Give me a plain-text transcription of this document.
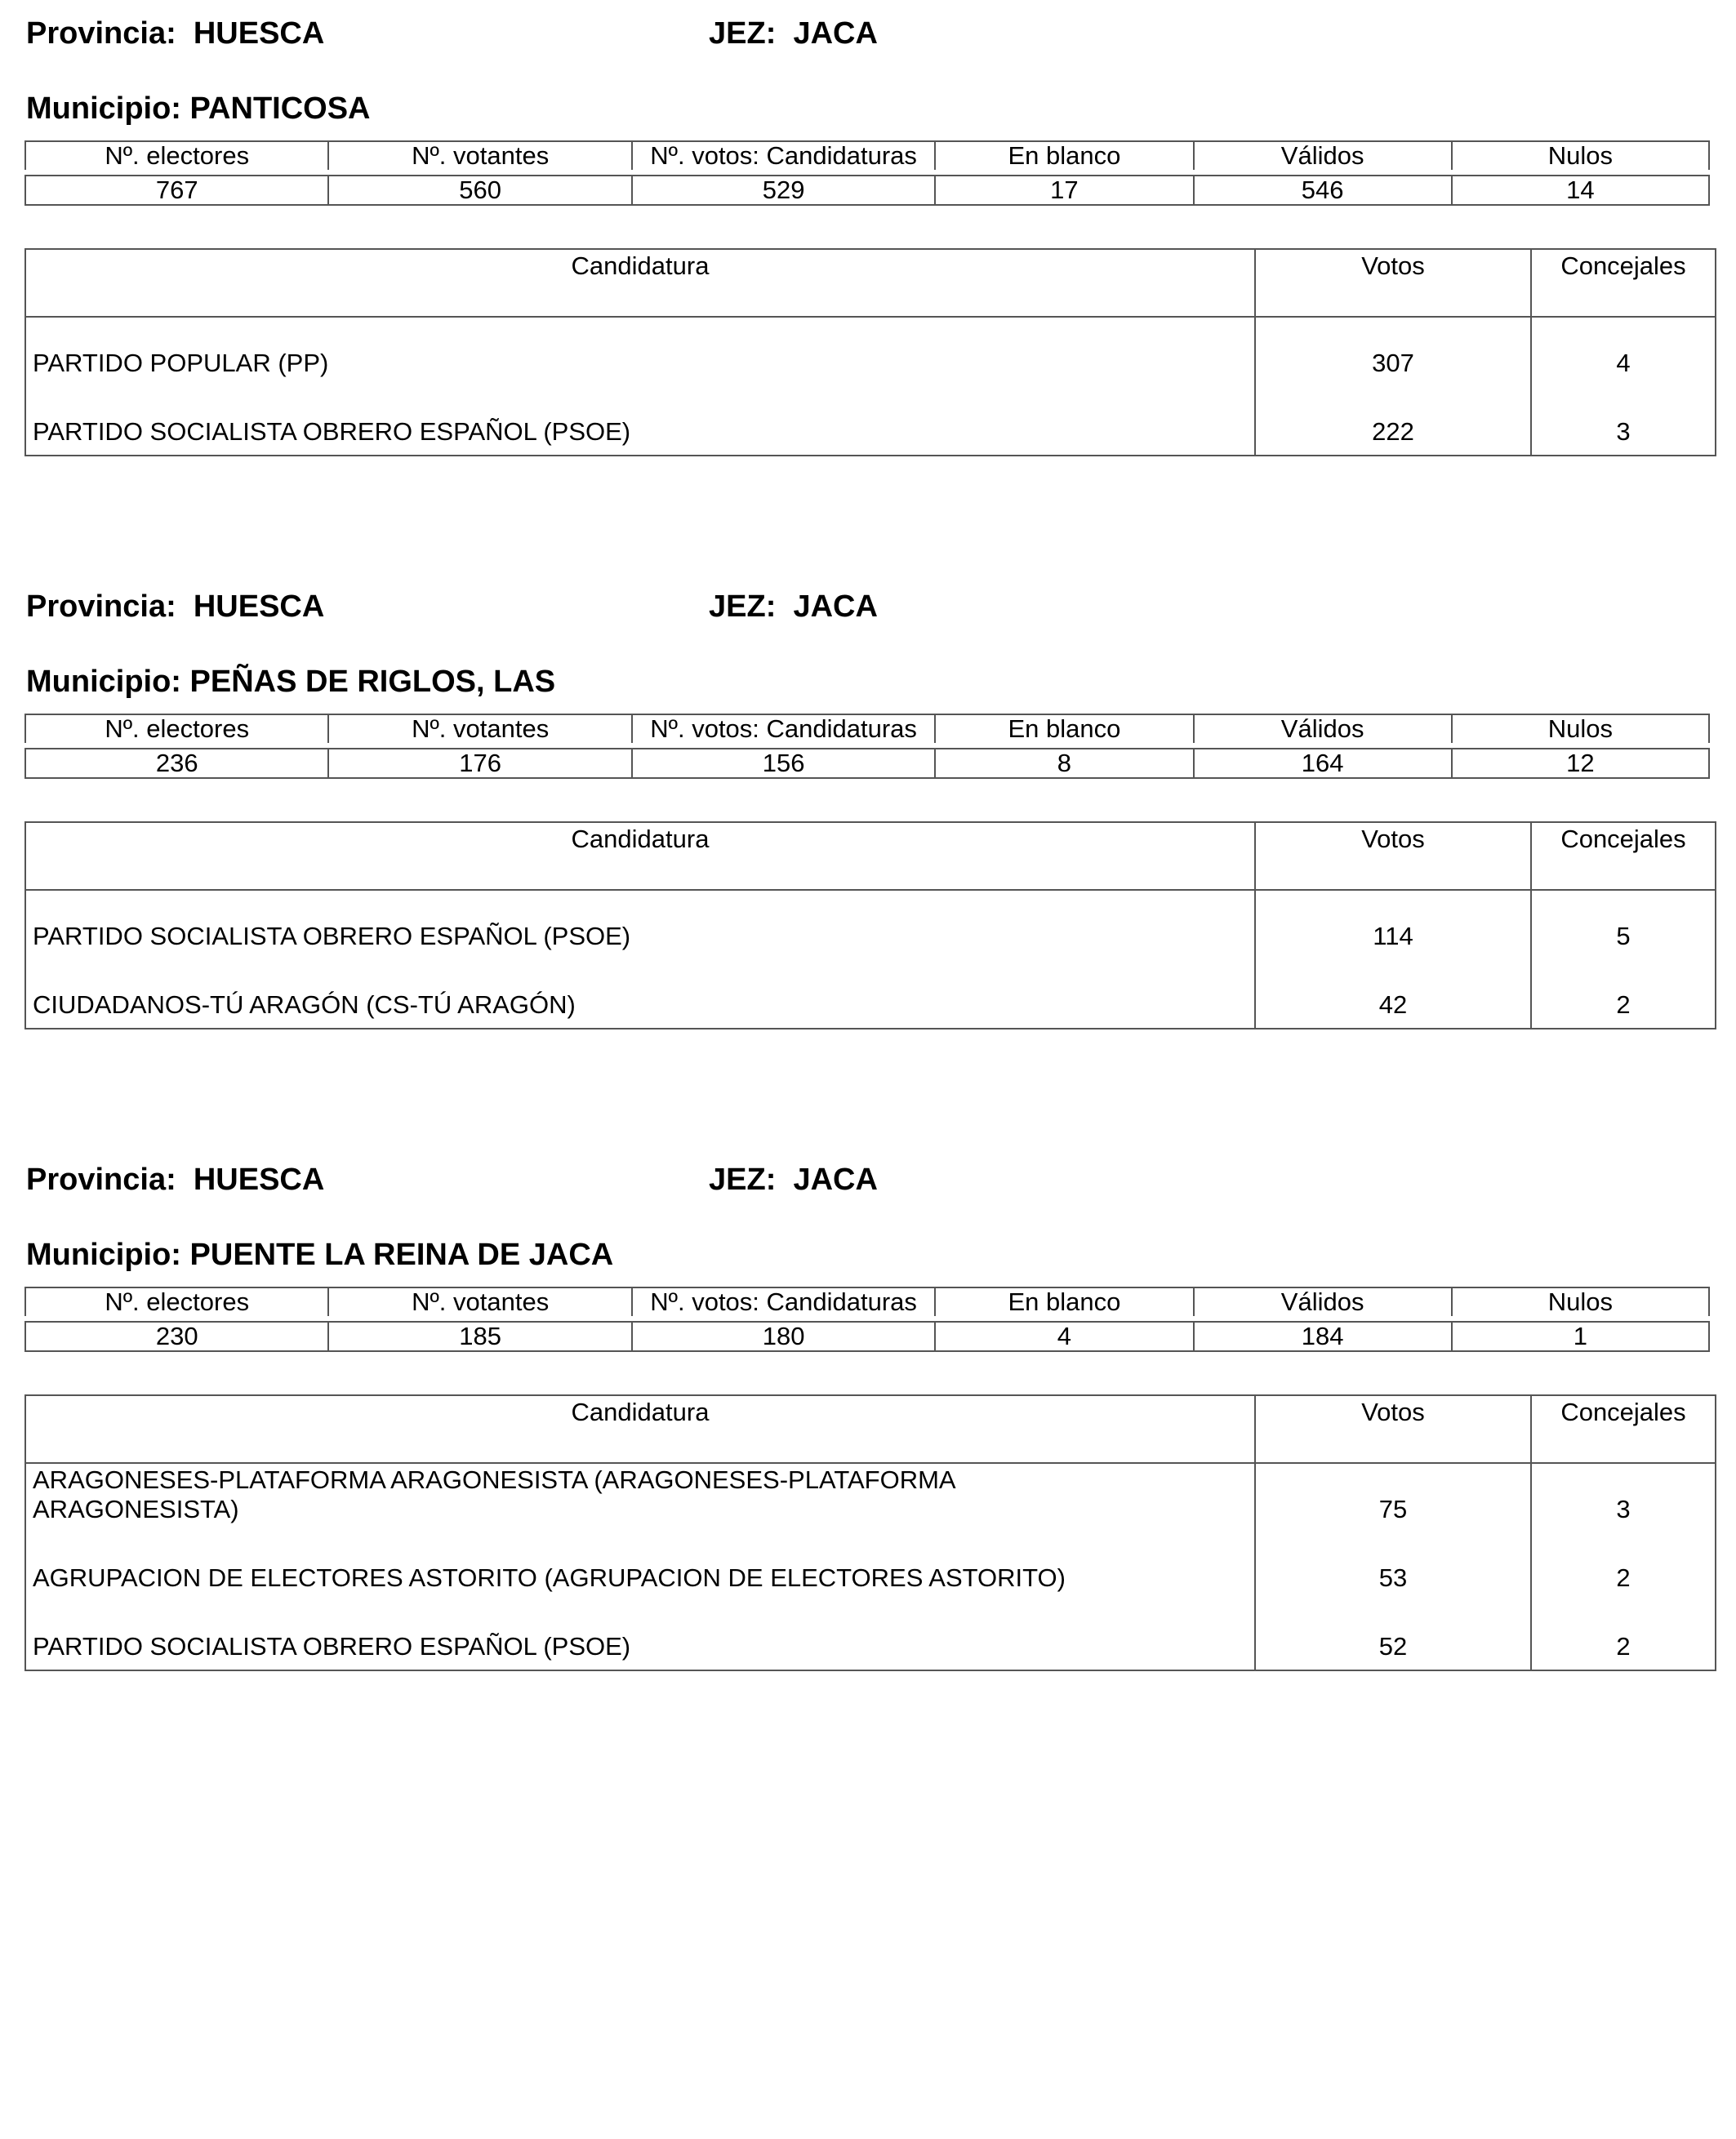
Provincia: HUESCA	JEZ: JACA
Municipio: PANTICOSA
Nº. electores	Nº. votantes	Nº. votos: Candidaturas	En blanco	Válidos	Nulos

767	560	529	17	546	14
Candidatura	Votos	Concejales
PARTIDO POPULAR (PP)	307	4
PARTIDO SOCIALISTA OBRERO ESPAÑOL (PSOE)	222	3
Provincia: HUESCA	JEZ: JACA
Municipio: PEÑAS DE RIGLOS, LAS
Nº. electores	Nº. votantes	Nº. votos: Candidaturas	En blanco	Válidos	Nulos

236	176	156	8	164	12
Candidatura	Votos	Concejales
PARTIDO SOCIALISTA OBRERO ESPAÑOL (PSOE)	114	5
CIUDADANOS-TÚ ARAGÓN (CS-TÚ ARAGÓN)	42	2
Provincia: HUESCA	JEZ: JACA
Municipio: PUENTE LA REINA DE JACA
Nº. electores	Nº. votantes	Nº. votos: Candidaturas	En blanco	Válidos	Nulos

230	185	180	4	184	1
Candidatura	Votos	Concejales
ARAGONESES-PLATAFORMA ARAGONESISTA (ARAGONESES-PLATAFORMA ARAGONESISTA)	75	3
AGRUPACION DE ELECTORES ASTORITO (AGRUPACION DE ELECTORES ASTORITO)	53	2
PARTIDO SOCIALISTA OBRERO ESPAÑOL (PSOE)	52	2
